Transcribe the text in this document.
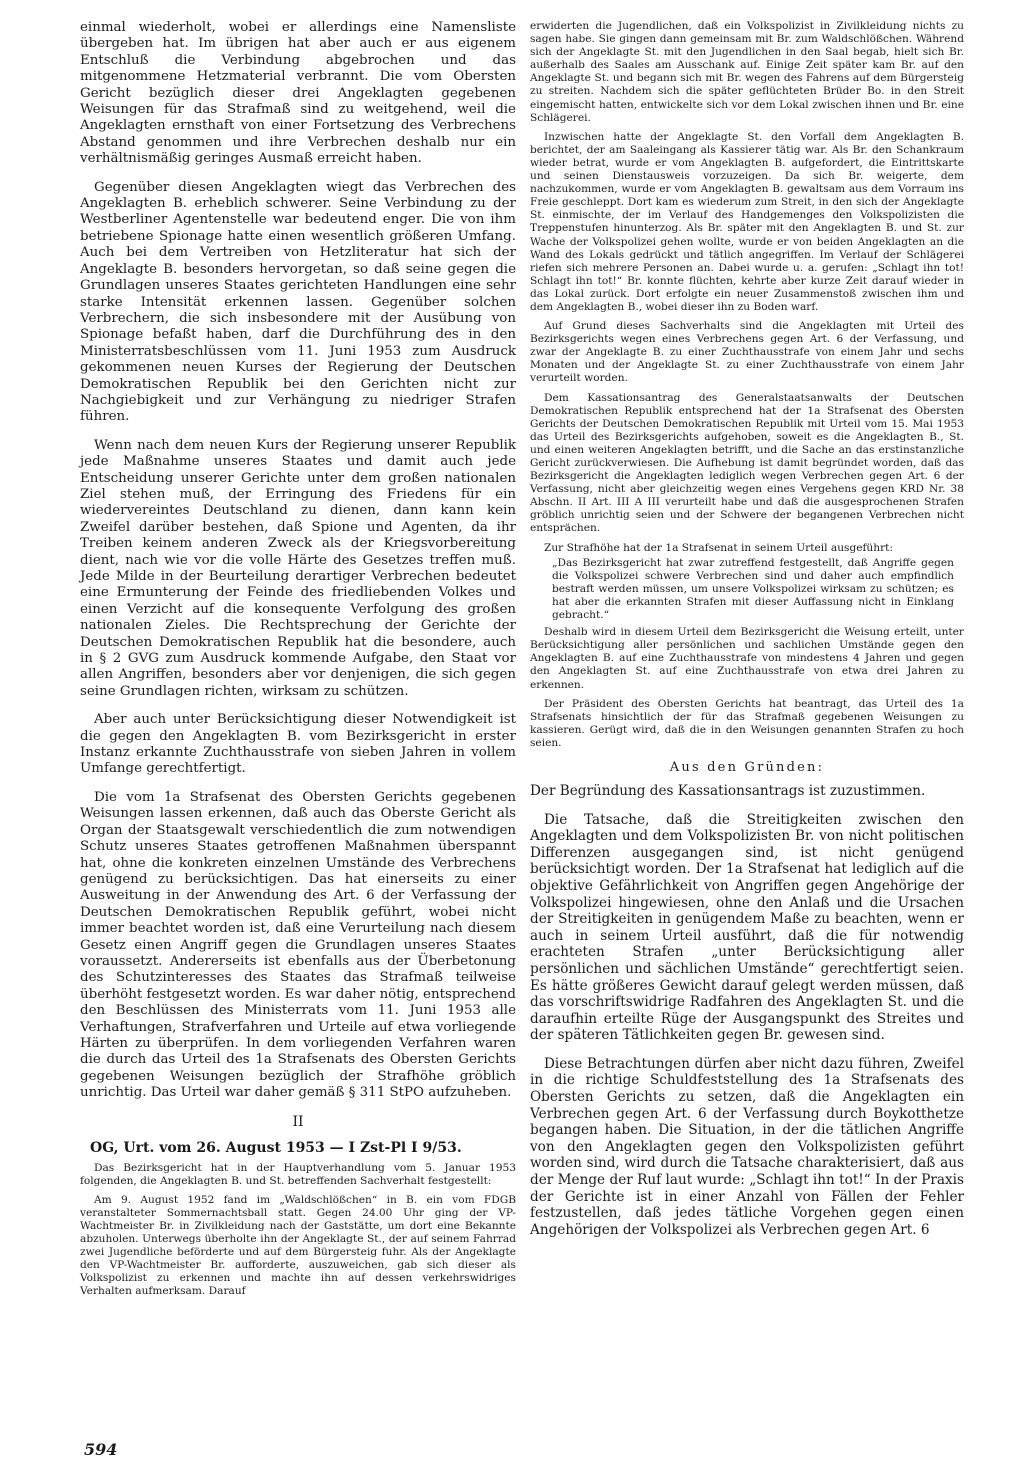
einmal wiederholt, wobei er allerdings eine Namensliste übergeben hat. Im übrigen hat aber auch er aus eigenem Entschluß die Verbindung abgebrochen und das mitgenommene Hetzmaterial verbrannt. Die vom Obersten Gericht bezüglich dieser drei Angeklagten gegebenen Weisungen für das Strafmaß sind zu weitgehend, weil die Angeklagten ernsthaft von einer Fortsetzung des Verbrechens Abstand genommen und ihre Verbrechen deshalb nur ein verhältnismäßig geringes Ausmaß erreicht haben.

Gegenüber diesen Angeklagten wiegt das Verbrechen des Angeklagten B. erheblich schwerer. Seine Verbindung zu der Westberliner Agentenstelle war bedeutend enger. Die von ihm betriebene Spionage hatte einen wesentlich größeren Umfang. Auch bei dem Vertreiben von Hetzliteratur hat sich der Angeklagte B. besonders hervorgetan, so daß seine gegen die Grundlagen unseres Staates gerichteten Handlungen eine sehr starke Intensität erkennen lassen. Gegenüber solchen Verbrechern, die sich insbesondere mit der Ausübung von Spionage befaßt haben, darf die Durchführung des in den Ministerratsbeschlüssen vom 11. Juni 1953 zum Ausdruck gekommenen neuen Kurses der Regierung der Deutschen Demokratischen Republik bei den Gerichten nicht zur Nachgiebigkeit und zur Verhängung zu niedriger Strafen führen.

Wenn nach dem neuen Kurs der Regierung unserer Republik jede Maßnahme unseres Staates und damit auch jede Entscheidung unserer Gerichte unter dem großen nationalen Ziel stehen muß, der Erringung des Friedens für ein wiedervereintes Deutschland zu dienen, dann kann kein Zweifel darüber bestehen, daß Spione und Agenten, da ihr Treiben keinem anderen Zweck als der Kriegsvorbereitung dient, nach wie vor die volle Härte des Gesetzes treffen muß. Jede Milde in der Beurteilung derartiger Verbrechen bedeutet eine Ermunterung der Feinde des friedliebenden Volkes und einen Verzicht auf die konsequente Verfolgung des großen nationalen Zieles. Die Rechtsprechung der Gerichte der Deutschen Demokratischen Republik hat die besondere, auch in § 2 GVG zum Ausdruck kommende Aufgabe, den Staat vor allen Angriffen, besonders aber vor denjenigen, die sich gegen seine Grundlagen richten, wirksam zu schützen.

Aber auch unter Berücksichtigung dieser Notwendigkeit ist die gegen den Angeklagten B. vom Bezirksgericht in erster Instanz erkannte Zuchthausstrafe von sieben Jahren in vollem Umfange gerechtfertigt.

Die vom 1a Strafsenat des Obersten Gerichts gegebenen Weisungen lassen erkennen, daß auch das Oberste Gericht als Organ der Staatsgewalt verschiedentlich die zum notwendigen Schutz unseres Staates getroffenen Maßnahmen überspannt hat, ohne die konkreten einzelnen Umstände des Verbrechens genügend zu berücksichtigen. Das hat einerseits zu einer Ausweitung in der Anwendung des Art. 6 der Verfassung der Deutschen Demokratischen Republik geführt, wobei nicht immer beachtet worden ist, daß eine Verurteilung nach diesem Gesetz einen Angriff gegen die Grundlagen unseres Staates voraussetzt. Andererseits ist ebenfalls aus der Überbetonung des Schutzinteresses des Staates das Strafmaß teilweise überhöht festgesetzt worden. Es war daher nötig, entsprechend den Beschlüssen des Ministerrats vom 11. Juni 1953 alle Verhaftungen, Strafverfahren und Urteile auf etwa vorliegende Härten zu überprüfen. In dem vorliegenden Verfahren waren die durch das Urteil des 1a Strafsenats des Obersten Gerichts gegebenen Weisungen bezüglich der Strafhöhe gröblich unrichtig. Das Urteil war daher gemäß § 311 StPO aufzuheben.

II
OG, Urt. vom 26. August 1953 — I Zst-Pl I 9/53.

Das Bezirksgericht hat in der Hauptverhandlung vom 5. Januar 1953 folgenden, die Angeklagten B. und St. betreffenden Sachverhalt festgestellt:

Am 9. August 1952 fand im „Waldschlößchen“ in B. ein vom FDGB veranstalteter Sommernachtsball statt. Gegen 24.00 Uhr ging der VP-Wachtmeister Br. in Zivilkleidung nach der Gaststätte, um dort eine Bekannte abzuholen. Unterwegs überholte ihn der Angeklagte St., der auf seinem Fahrrad zwei Jugendliche beförderte und auf dem Bürgersteig fuhr. Als der Angeklagte den VP-Wachtmeister Br. aufforderte, auszuweichen, gab sich dieser als Volkspolizist zu erkennen und machte ihn auf dessen verkehrswidriges Verhalten aufmerksam. Darauf

erwiderten die Jugendlichen, daß ein Volkspolizist in Zivilkleidung nichts zu sagen habe. Sie gingen dann gemeinsam mit Br. zum Waldschlößchen. Während sich der Angeklagte St. mit den Jugendlichen in den Saal begab, hielt sich Br. außerhalb des Saales am Ausschank auf. Einige Zeit später kam Br. auf den Angeklagte St. und begann sich mit Br. wegen des Fahrens auf dem Bürgersteig zu streiten. Nachdem sich die später geflüchteten Brüder Bo. in den Streit eingemischt hatten, entwickelte sich vor dem Lokal zwischen ihnen und Br. eine Schlägerei.

Inzwischen hatte der Angeklagte St. den Vorfall dem Angeklagten B. berichtet, der am Saaleingang als Kassierer tätig war. Als Br. den Schankraum wieder betrat, wurde er vom Angeklagten B. aufgefordert, die Eintrittskarte und seinen Dienstausweis vorzuzeigen. Da sich Br. weigerte, dem nachzukommen, wurde er vom Angeklagten B. gewaltsam aus dem Vorraum ins Freie geschleppt. Dort kam es wiederum zum Streit, in den sich der Angeklagte St. einmischte, der im Verlauf des Handgemenges den Volkspolizisten die Treppenstufen hinunterzog. Als Br. später mit den Angeklagten B. und St. zur Wache der Volkspolizei gehen wollte, wurde er von beiden Angeklagten an die Wand des Lokals gedrückt und tätlich angegriffen. Im Verlauf der Schlägerei riefen sich mehrere Personen an. Dabei wurde u. a. gerufen: „Schlagt ihn tot! Schlagt ihn tot!“ Br. konnte flüchten, kehrte aber kurze Zeit darauf wieder in das Lokal zurück. Dort erfolgte ein neuer Zusammenstoß zwischen ihm und dem Angeklagten B., wobei dieser ihn zu Boden warf.

Auf Grund dieses Sachverhalts sind die Angeklagten mit Urteil des Bezirksgerichts wegen eines Verbrechens gegen Art. 6 der Verfassung, und zwar der Angeklagte B. zu einer Zuchthausstrafe von einem Jahr und sechs Monaten und der Angeklagte St. zu einer Zuchthausstrafe von einem Jahr verurteilt worden.

Dem Kassationsantrag des Generalstaatsanwalts der Deutschen Demokratischen Republik entsprechend hat der 1a Strafsenat des Obersten Gerichts der Deutschen Demokratischen Republik mit Urteil vom 15. Mai 1953 das Urteil des Bezirksgerichts aufgehoben, soweit es die Angeklagten B., St. und einen weiteren Angeklagten betrifft, und die Sache an das erstinstanzliche Gericht zurückverwiesen. Die Aufhebung ist damit begründet worden, daß das Bezirksgericht die Angeklagten lediglich wegen Verbrechen gegen Art. 6 der Verfassung, nicht aber gleichzeitig wegen eines Vergehens gegen KRD Nr. 38 Abschn. II Art. III A III verurteilt habe und daß die ausgesprochenen Strafen gröblich unrichtig seien und der Schwere der begangenen Verbrechen nicht entsprächen.

Zur Strafhöhe hat der 1a Strafsenat in seinem Urteil ausgeführt:

„Das Bezirksgericht hat zwar zutreffend festgestellt, daß Angriffe gegen die Volkspolizei schwere Verbrechen sind und daher auch empfindlich bestraft werden müssen, um unsere Volkspolizei wirksam zu schützen; es hat aber die erkannten Strafen mit dieser Auffassung nicht in Einklang gebracht.“

Deshalb wird in diesem Urteil dem Bezirksgericht die Weisung erteilt, unter Berücksichtigung aller persönlichen und sachlichen Umstände gegen den Angeklagten B. auf eine Zuchthausstrafe von mindestens 4 Jahren und gegen den Angeklagten St. auf eine Zuchthausstrafe von etwa drei Jahren zu erkennen.

Der Präsident des Obersten Gerichts hat beantragt, das Urteil des 1a Strafsenats hinsichtlich der für das Strafmaß gegebenen Weisungen zu kassieren. Gerügt wird, daß die in den Weisungen genannten Strafen zu hoch seien.

Aus den Gründen:

Der Begründung des Kassationsantrags ist zuzustimmen.

Die Tatsache, daß die Streitigkeiten zwischen den Angeklagten und dem Volkspolizisten Br. von nicht politischen Differenzen ausgegangen sind, ist nicht genügend berücksichtigt worden. Der 1a Strafsenat hat lediglich auf die objektive Gefährlichkeit von Angriffen gegen Angehörige der Volkspolizei hingewiesen, ohne den Anlaß und die Ursachen der Streitigkeiten in genügendem Maße zu beachten, wenn er auch in seinem Urteil ausführt, daß die für notwendig erachteten Strafen „unter Berücksichtigung aller persönlichen und sächlichen Umstände“ gerechtfertigt seien. Es hätte größeres Gewicht darauf gelegt werden müssen, daß das vorschriftswidrige Radfahren des Angeklagten St. und die daraufhin erteilte Rüge der Ausgangspunkt des Streites und der späteren Tätlichkeiten gegen Br. gewesen sind.

Diese Betrachtungen dürfen aber nicht dazu führen, Zweifel in die richtige Schuldfeststellung des 1a Strafsenats des Obersten Gerichts zu setzen, daß die Angeklagten ein Verbrechen gegen Art. 6 der Verfassung durch Boykotthetze begangen haben. Die Situation, in der die tätlichen Angriffe von den Angeklagten gegen den Volkspolizisten geführt worden sind, wird durch die Tatsache charakterisiert, daß aus der Menge der Ruf laut wurde: „Schlagt ihn tot!“ In der Praxis der Gerichte ist in einer Anzahl von Fällen der Fehler festzustellen, daß jedes tätliche Vorgehen gegen einen Angehörigen der Volkspolizei als Verbrechen gegen Art. 6

594
